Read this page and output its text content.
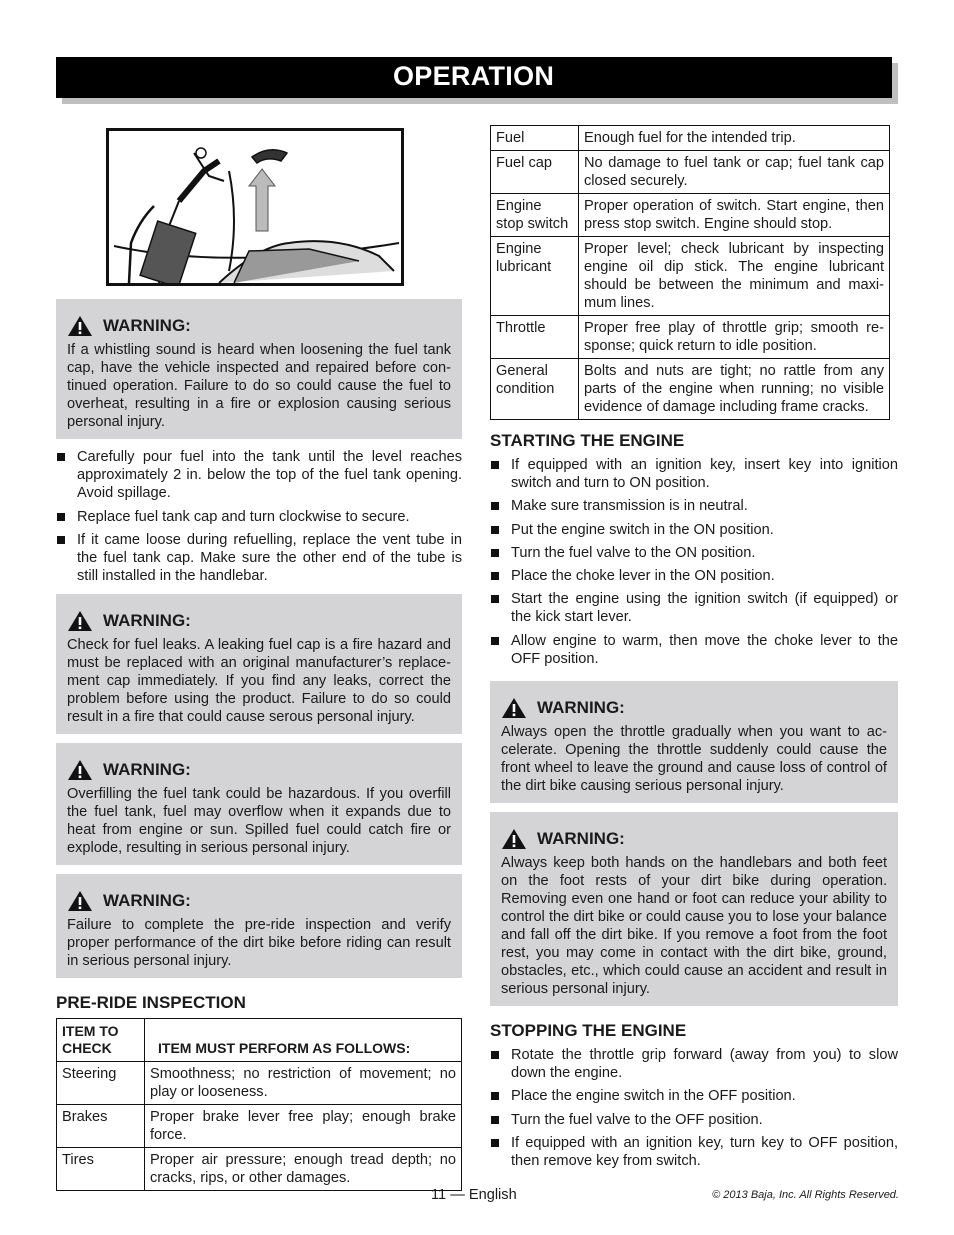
OPERATION
WARNING:

If a whistling sound is heard when loosening the fuel tank cap, have the vehicle inspected and repaired before con-tinued operation. Failure to do so could cause the fuel to overheat, resulting in a fire or explosion causing serious personal injury.

Carefully pour fuel into the tank until the level reaches approximately 2 in. below the top of the fuel tank opening. Avoid spillage.
Replace fuel tank cap and turn clockwise to secure.
If it came loose during refuelling, replace the vent tube in the fuel tank cap. Make sure the other end of the tube is still installed in the handlebar.
WARNING:

Check for fuel leaks. A leaking fuel cap is a fire hazard and must be replaced with an original manufacturer’s replace-ment cap immediately. If you find any leaks, correct the problem before using the product. Failure to do so could result in a fire that could cause serous personal injury.

WARNING:

Overfilling the fuel tank could be hazardous. If you overfill the fuel tank, fuel may overflow when it expands due to heat from engine or sun. Spilled fuel could catch fire or explode, resulting in serious personal injury.

WARNING:

Failure to complete the pre-ride inspection and verify proper performance of the dirt bike before riding can result in serious personal injury.

PRE-RIDE INSPECTION
ITEM TO CHECK	ITEM MUST PERFORM AS FOLLOWS:
Steering	Smoothness; no restriction of movement; no play or looseness.
Brakes	Proper brake lever free play; enough brake force.
Tires	Proper air pressure; enough tread depth; no cracks, rips, or other damages.
Fuel	Enough fuel for the intended trip.
Fuel cap	No damage to fuel tank or cap; fuel tank cap closed securely.
Engine stop switch	Proper operation of switch. Start engine, then press stop switch. Engine should stop.
Engine lubricant	Proper level; check lubricant by inspecting engine oil dip stick. The engine lubricant should be between the minimum and maxi-mum lines.
Throttle	Proper free play of throttle grip; smooth re-sponse; quick return to idle position.
General condition	Bolts and nuts are tight; no rattle from any parts of the engine when running; no visible evidence of damage including frame cracks.
STARTING THE ENGINE
If equipped with an ignition key, insert key into ignition switch and turn to ON position.
Make sure transmission is in neutral.
Put the engine switch in the ON position.
Turn the fuel valve to the ON position.
Place the choke lever in the ON position.
Start the engine using the ignition switch (if equipped) or the kick start lever.
Allow engine to warm, then move the choke lever to the OFF position.
WARNING:

Always open the throttle gradually when you want to ac-celerate. Opening the throttle suddenly could cause the front wheel to leave the ground and cause loss of control of the dirt bike causing serious personal injury.

WARNING:

Always keep both hands on the handlebars and both feet on the foot rests of your dirt bike during operation. Removing even one hand or foot can reduce your ability to control the dirt bike or could cause you to lose your balance and fall off the dirt bike. If you remove a foot from the foot rest, you may come in contact with the dirt bike, ground, obstacles, etc., which could cause an accident and result in serious personal injury.

STOPPING THE ENGINE
Rotate the throttle grip forward (away from you) to slow down the engine.
Place the engine switch in the OFF position.
Turn the fuel valve to the OFF position.
If equipped with an ignition key, turn key to OFF position, then remove key from switch.
11 — English	© 2013 Baja, Inc. All Rights Reserved.
